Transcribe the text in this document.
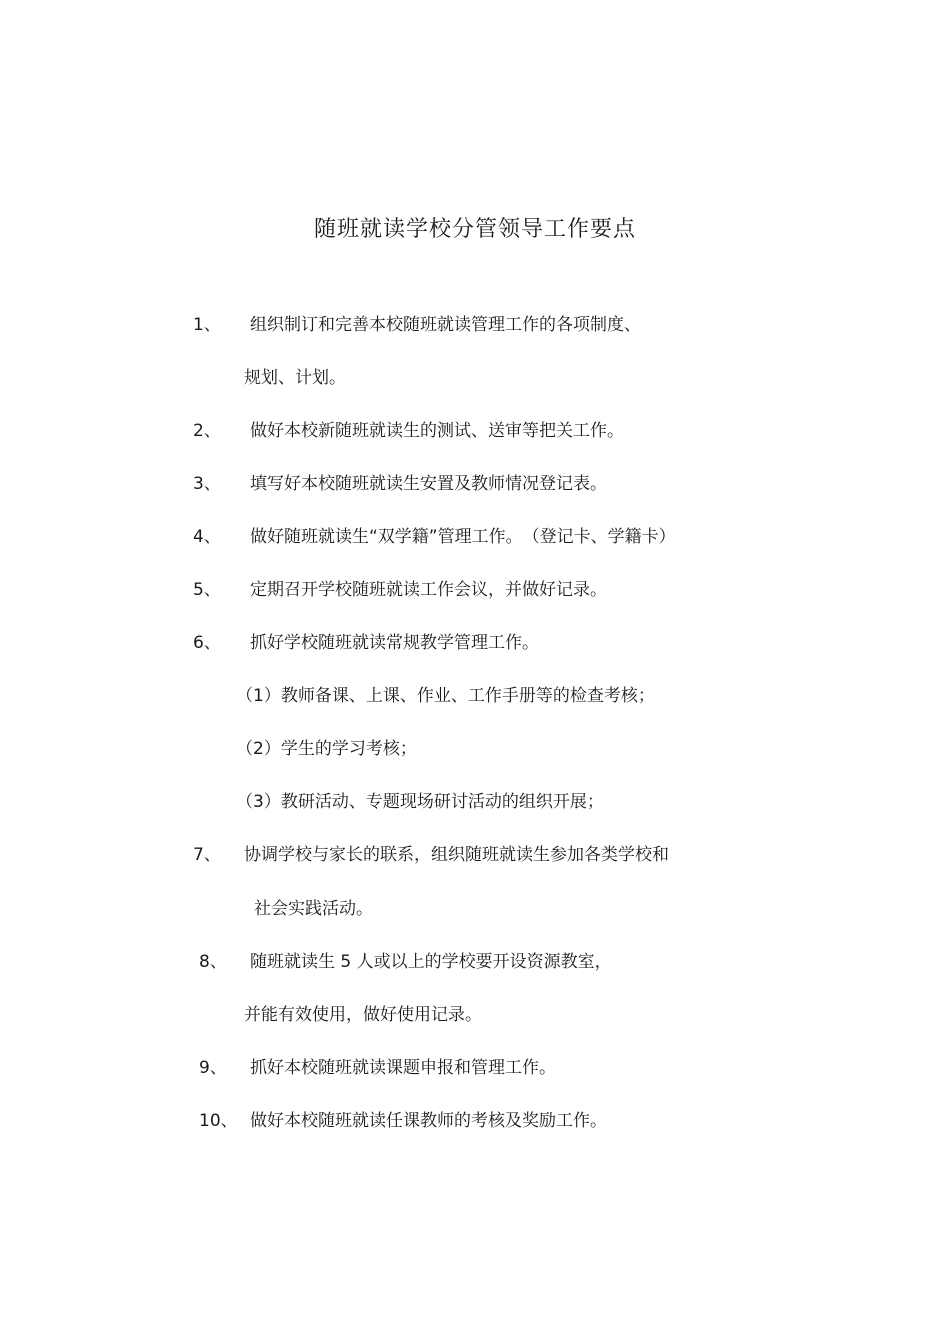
随班就读学校分管领导工作要点
1、 组织制订和完善本校随班就读管理工作的各项制度、
规划、计划。
2、 做好本校新随班就读生的测试、送审等把关工作。
3、 填写好本校随班就读生安置及教师情况登记表。
4、 做好随班就读生“双学籍”管理工作。　（登记卡、学籍卡）
5、 定期召开学校随班就读工作会议，并做好记录。
6、 抓好学校随班就读常规教学管理工作。
（1）教师备课、上课、作业、工作手册等的检查考核；
（2）学生的学习考核；
（3）教研活动、专题现场研讨活动的组织开展；
7、 协调学校与家长的联系，组织随班就读生参加各类学校和
社会实践活动。
8、 随班就读生 5 人或以上的学校要开设资源教室，
并能有效使用，做好使用记录。
9、 抓好本校随班就读课题申报和管理工作。
10、 做好本校随班就读任课教师的考核及奖励工作。
